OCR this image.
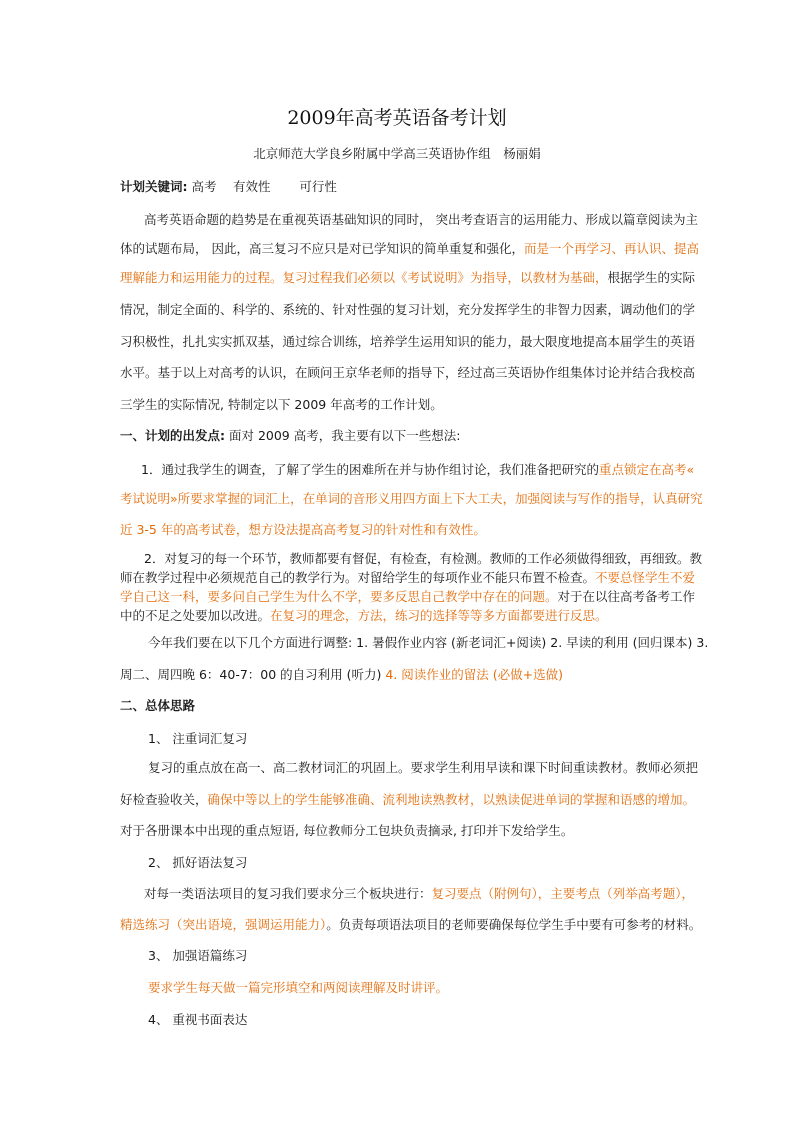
2009年高考英语备考计划
北京师范大学良乡附属中学高三英语协作组　杨丽娟
计划关键词: 高考　 有效性　　 可行性
高考英语命题的趋势是在重视英语基础知识的同时， 突出考查语言的运用能力、形成以篇章阅读为主
体的试题布局， 因此，高三复习不应只是对已学知识的简单重复和强化，而是一个再学习、再认识、提高
理解能力和运用能力的过程。复习过程我们必须以《考试说明》为指导，以教材为基础，根据学生的实际
情况，制定全面的、科学的、系统的、针对性强的复习计划，充分发挥学生的非智力因素，调动他们的学
习积极性，扎扎实实抓双基，通过综合训练，培养学生运用知识的能力，最大限度地提高本届学生的英语
水平。基于以上对高考的认识，在顾问王京华老师的指导下，经过高三英语协作组集体讨论并结合我校高
三学生的实际情况, 特制定以下 2009 年高考的工作计划。
一、计划的出发点: 面对 2009 高考，我主要有以下一些想法:
1．通过我学生的调查，了解了学生的困难所在并与协作组讨论，我们准备把研究的重点锁定在高考«
考试说明»所要求掌握的词汇上，在单词的音形义用四方面上下大工夫，加强阅读与写作的指导，认真研究
近 3-5 年的高考试卷，想方设法提高高考复习的针对性和有效性。
2．对复习的每一个环节，教师都要有督促，有检查，有检测。教师的工作必须做得细致，再细致。教
师在教学过程中必须规范自己的教学行为。对留给学生的每项作业不能只布置不检查。不要总怪学生不爱
学自己这一科，要多问自己学生为什么不学，要多反思自己教学中存在的问题。对于在以往高考备考工作
中的不足之处要加以改进。在复习的理念，方法，练习的选择等等多方面都要进行反思。
今年我们要在以下几个方面进行调整: 1. 暑假作业内容 (新老词汇+阅读) 2. 早读的利用 (回归课本) 3.
周二、周四晚 6：40-7：00 的自习利用 (听力) 4. 阅读作业的留法 (必做+选做)
二、总体思路
1、 注重词汇复习
复习的重点放在高一、高二教材词汇的巩固上。要求学生利用早读和课下时间重读教材。教师必须把
好检查验收关，确保中等以上的学生能够准确、流利地读熟教材，以熟读促进单词的掌握和语感的增加。
对于各册课本中出现的重点短语, 每位教师分工包块负责摘录, 打印并下发给学生。
2、 抓好语法复习
对每一类语法项目的复习我们要求分三个板块进行：复习要点（附例句），主要考点（列举高考题），
精选练习（突出语境，强调运用能力）。负责每项语法项目的老师要确保每位学生手中要有可参考的材料。
3、 加强语篇练习
要求学生每天做一篇完形填空和两阅读理解及时讲评。
4、 重视书面表达
